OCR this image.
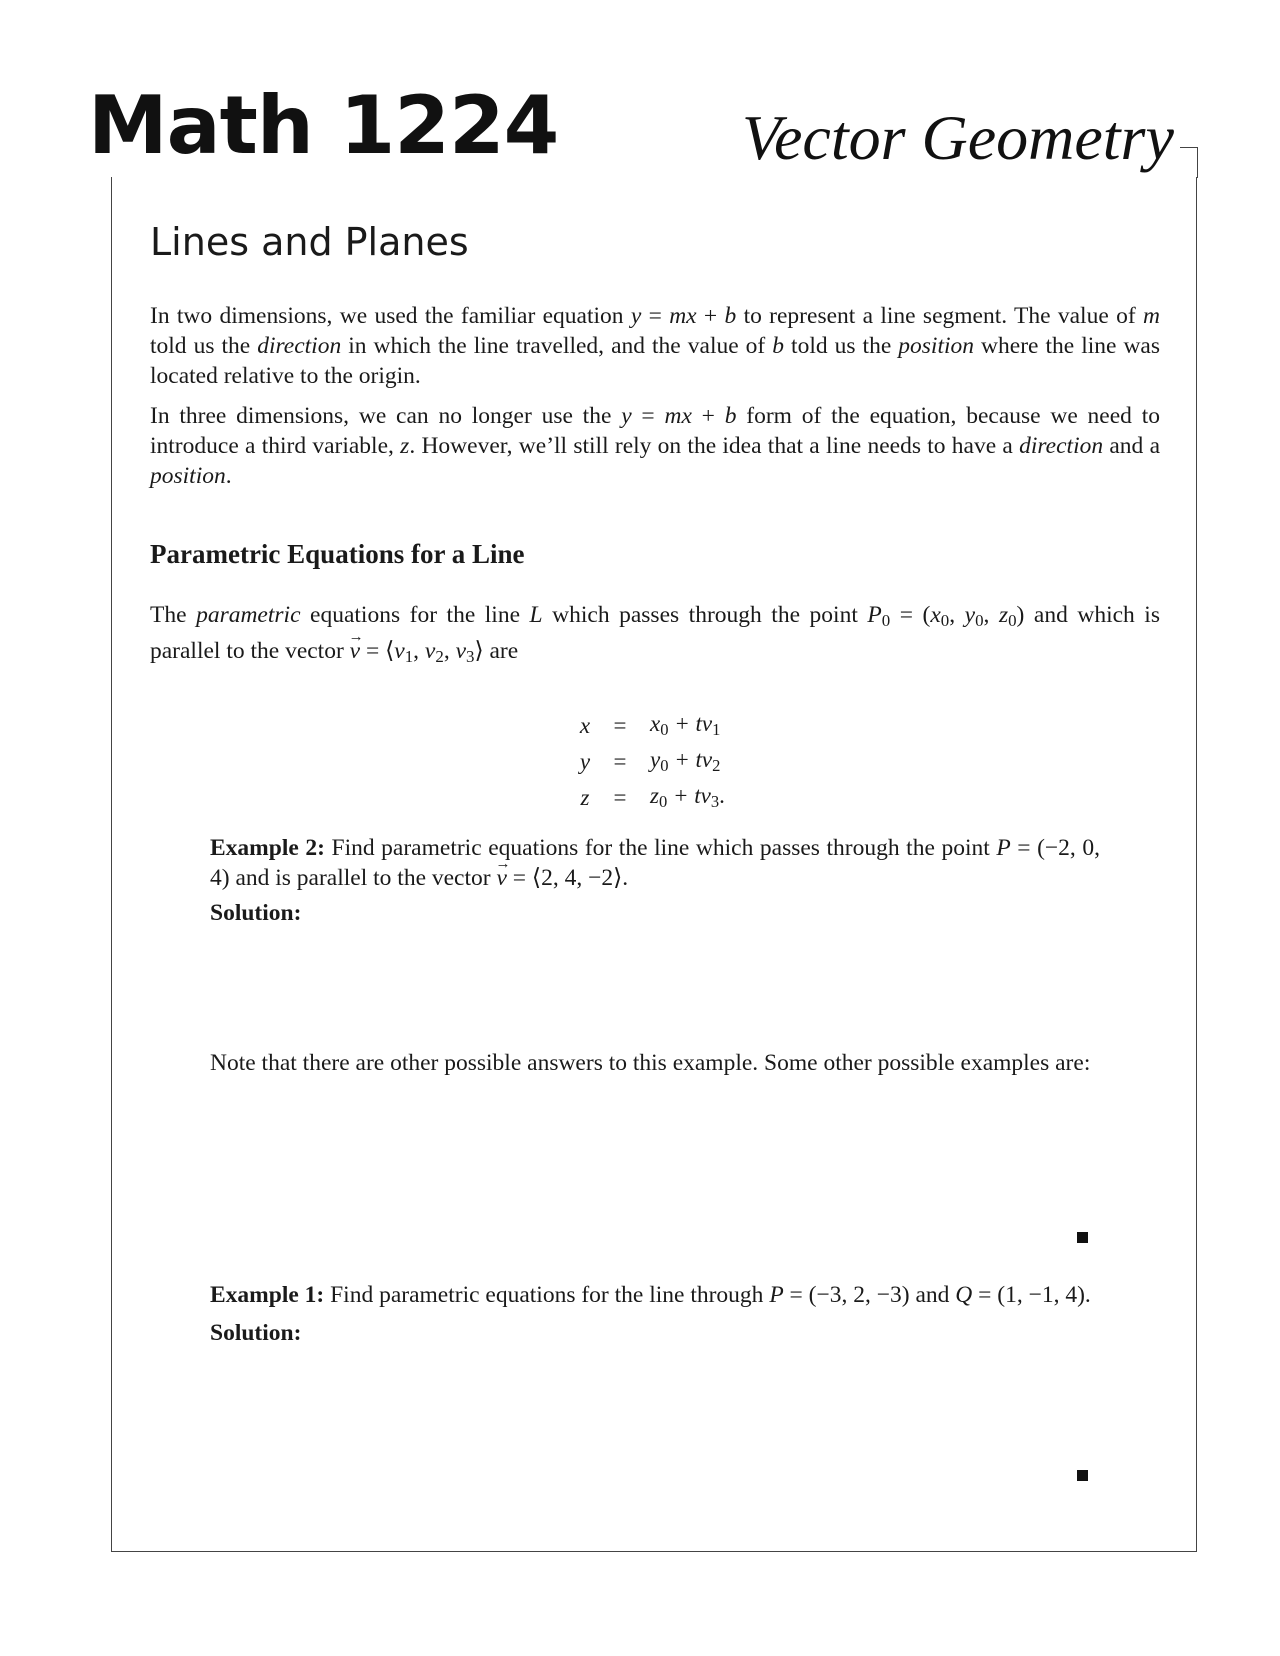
Math 1224	Vector Geometry
Lines and Planes

In two dimensions, we used the familiar equation y = mx + b to represent a line segment. The value of m told us the direction in which the line travelled, and the value of b told us the position where the line was located relative to the origin.

In three dimensions, we can no longer use the y = mx + b form of the equation, because we need to introduce a third variable, z. However, we’ll still rely on the idea that a line needs to have a direction and a position.

Parametric Equations for a Line

The parametric equations for the line L which passes through the point $P_0 = (x_0$, $y_0$, $z_0$) and which is parallel to the vector → $v = ⟨v_1$, $v_2$, $v_3⟩$ are

x	=	$x_0 + tv_1$
y	=	$y_0 + tv_2$
z	=	$z_0 + tv_3$.

Example 2: Find parametric equations for the line which passes through the point P = (−2, 0, 4) and is parallel to the vector → v = ⟨2, 4, −2⟩.

Solution:

Note that there are other possible answers to this example. Some other possible examples are:

Example 1: Find parametric equations for the line through P = (−3, 2, −3) and Q = (1, −1, 4).

Solution:
